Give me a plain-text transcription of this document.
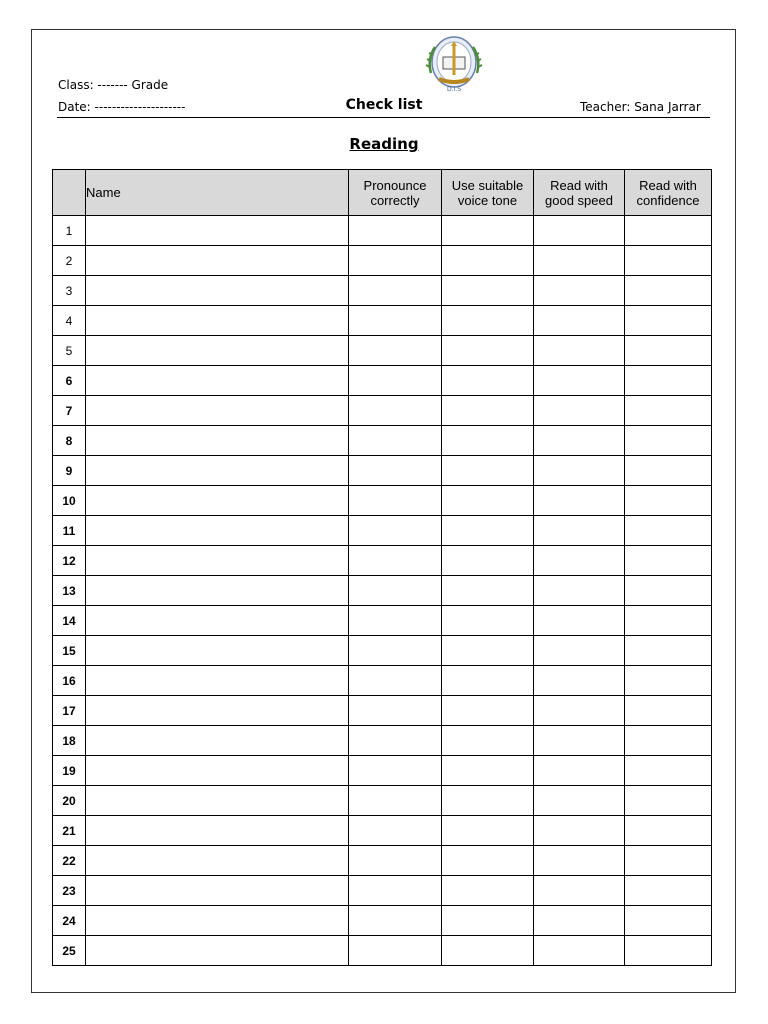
D.I.S
Class: ------- Grade
Date: ---------------------	Check list	Teacher: Sana Jarrar
Reading
	Name	Pronounce correctly	Use suitable voice tone	Read with good speed	Read with confidence
1					
2					
3					
4					
5					
6					
7					
8					
9					
10					
11					
12					
13					
14					
15					
16					
17					
18					
19					
20					
21					
22					
23					
24					
25					
